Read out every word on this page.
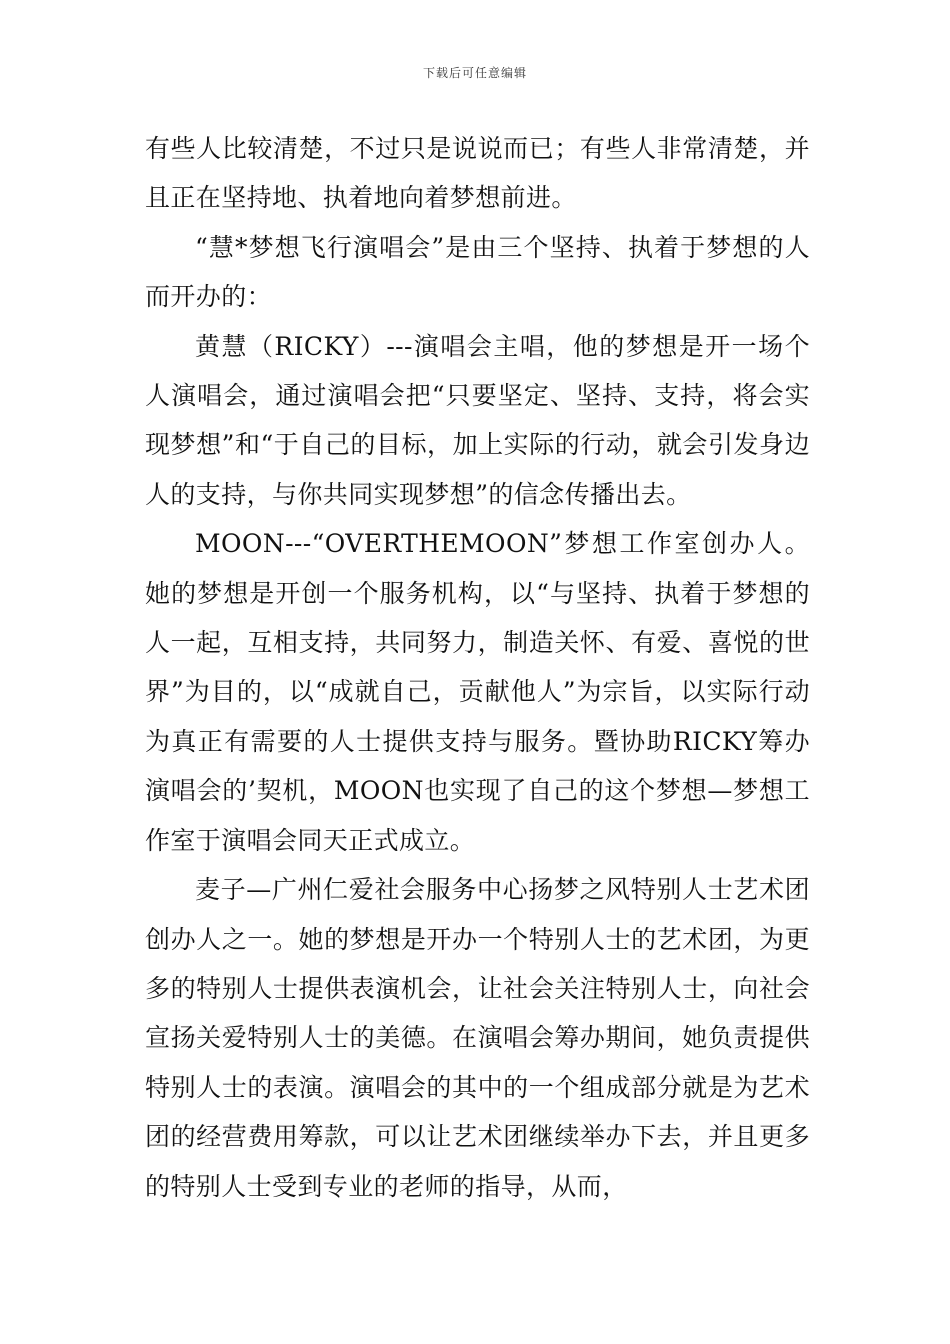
下载后可任意编辑

有些人比较清楚，不过只是说说而已；有些人非常清楚，并且正在坚持地、执着地向着梦想前进。

“慧*梦想飞行演唱会”是由三个坚持、执着于梦想的人而开办的：

黄慧（RICKY）---演唱会主唱，他的梦想是开一场个人演唱会，通过演唱会把“只要坚定、坚持、支持，将会实现梦想”和“于自己的目标，加上实际的行动，就会引发身边人的支持，与你共同实现梦想”的信念传播出去。

MOON---“OVERTHEMOON”梦想工作室创办人。她的梦想是开创一个服务机构，以“与坚持、执着于梦想的人一起，互相支持，共同努力，制造关怀、有爱、喜悦的世界”为目的，以“成就自己，贡献他人”为宗旨，以实际行动为真正有需要的人士提供支持与服务。暨协助RICKY筹办演唱会的’契机，MOON也实现了自己的这个梦想—梦想工作室于演唱会同天正式成立。

麦子—广州仁爱社会服务中心扬梦之风特别人士艺术团创办人之一。她的梦想是开办一个特别人士的艺术团，为更多的特别人士提供表演机会，让社会关注特别人士，向社会宣扬关爱特别人士的美德。在演唱会筹办期间，她负责提供特别人士的表演。演唱会的其中的一个组成部分就是为艺术团的经营费用筹款，可以让艺术团继续举办下去，并且更多的特别人士受到专业的老师的指导，从而，
